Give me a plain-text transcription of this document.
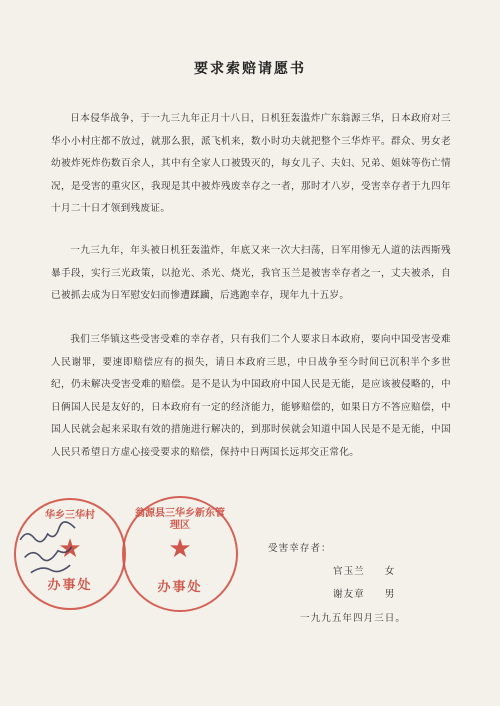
要求索赔请愿书

日本侵华战争，于一九三九年正月十八日，日机狂轰滥炸广东翁源三华，日本政府对三华小小村庄都不放过，就那么狠，派飞机来，数小时功夫就把整个三华炸平。群众、男女老幼被炸死炸伤数百余人，其中有全家人口被毁灭的，每女儿子、夫妇、兄弟、姐妹等伤亡情况，是受害的重灾区，我现是其中被炸残废幸存之一者，那时才八岁，受害幸存者于九四年十月二十日才领到残废证。

一九三九年，年头被日机狂轰滥炸，年底又来一次大扫荡，日军用惨无人道的法西斯残暴手段，实行三光政策，以抢光、杀光、烧光，我官玉兰是被害幸存者之一，丈夫被杀，自已被抓去成为日军慰安妇而惨遭蹂躏，后逃跑幸存，现年九十五岁。

我们三华镇这些受害受难的幸存者，只有我们二个人要求日本政府，要向中国受害受难人民谢罪，要速即赔偿应有的损失，请日本政府三思，中日战争至今时间已沉积半个多世纪，仍未解决受害受难的赔偿。是不是认为中国政府中国人民是无能，是应该被侵略的，中日俩国人民是友好的，日本政府有一定的经济能力，能够赔偿的，如果日方不答应赔偿，中国人民就会起来采取有效的措施进行解决的，到那时侯就会知道中国人民是不是无能，中国人民只希望日方虚心接受要求的赔偿，保持中日两国长远邦交正常化。

华乡三华村
★
办事处
翁源县三华乡新东管理区
★
办事处
受害幸存者：
官玉兰 女
谢友章 男
一九九五年四月三日。
